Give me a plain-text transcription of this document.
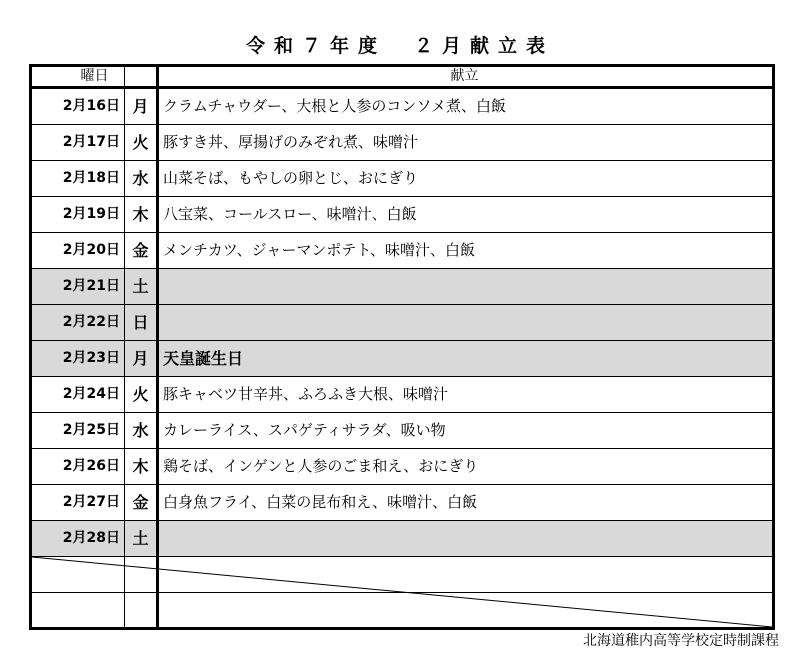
令和７年度　２月献立表
曜日	献立
2月16日 月 クラムチャウダー、大根と人参のコンソメ煮、白飯
2月17日 火 豚すき丼、厚揚げのみぞれ煮、味噌汁
2月18日 水 山菜そば、もやしの卵とじ、おにぎり
2月19日 木 八宝菜、コールスロー、味噌汁、白飯
2月20日 金 メンチカツ、ジャーマンポテト、味噌汁、白飯
2月21日 土
2月22日 日
2月23日 月 天皇誕生日
2月24日 火 豚キャベツ甘辛丼、ふろふき大根、味噌汁
2月25日 水 カレーライス、スパゲティサラダ、吸い物
2月26日 木 鶏そば、インゲンと人参のごま和え、おにぎり
2月27日 金 白身魚フライ、白菜の昆布和え、味噌汁、白飯
2月28日 土
北海道稚内高等学校定時制課程
